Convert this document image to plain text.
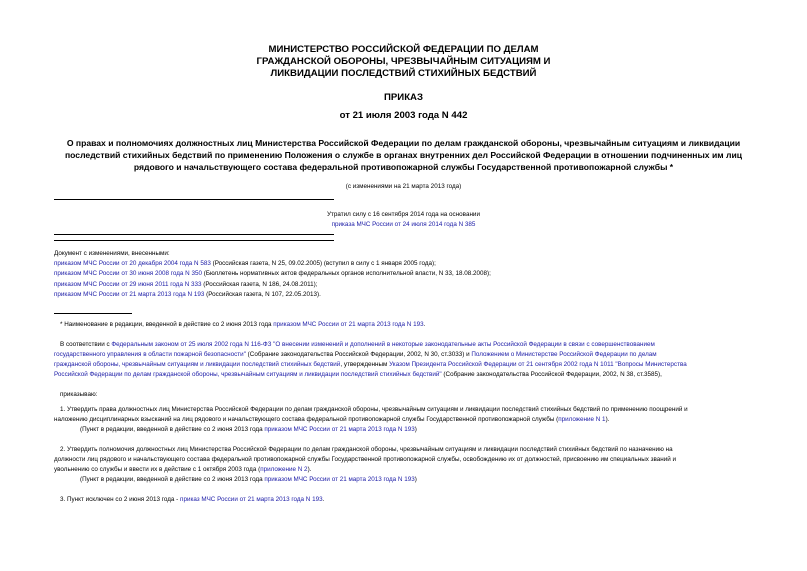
МИНИСТЕРСТВО РОССИЙСКОЙ ФЕДЕРАЦИИ ПО ДЕЛАМ
ГРАЖДАНСКОЙ ОБОРОНЫ, ЧРЕЗВЫЧАЙНЫМ СИТУАЦИЯМ И
ЛИКВИДАЦИИ ПОСЛЕДСТВИЙ СТИХИЙНЫХ БЕДСТВИЙ
ПРИКАЗ
от 21 июля 2003 года N 442
О правах и полномочиях должностных лиц Министерства Российской Федерации по делам гражданской обороны, чрезвычайным ситуациям и ликвидации
последствий стихийных бедствий по применению Положения о службе в органах внутренних дел Российской Федерации в отношении подчиненных им лиц
рядового и начальствующего состава федеральной противопожарной службы Государственной противопожарной службы *
(с изменениями на 21 марта 2013 года)
Утратил силу с 16 сентября 2014 года на основании
приказа МЧС России от 24 июля 2014 года N 385
Документ с изменениями, внесенными:
приказом МЧС России от 20 декабря 2004 года N 583 (Российская газета, N 25, 09.02.2005) (вступил в силу с 1 января 2005 года);
приказом МЧС России от 30 июня 2008 года N 350 (Бюллетень нормативных актов федеральных органов исполнительной власти, N 33, 18.08.2008);
приказом МЧС России от 29 июня 2011 года N 333 (Российская газета, N 186, 24.08.2011);
приказом МЧС России от 21 марта 2013 года N 193 (Российская газета, N 107, 22.05.2013).
* Наименование в редакции, введенной в действие со 2 июня 2013 года приказом МЧС России от 21 марта 2013 года N 193.
В соответствии с Федеральным законом от 25 июля 2002 года N 116-ФЗ "О внесении изменений и дополнений в некоторые законодательные акты Российской Федерации в связи с совершенствованием
государственного управления в области пожарной безопасности" (Собрание законодательства Российской Федерации, 2002, N 30, ст.3033) и Положением о Министерстве Российской Федерации по делам
гражданской обороны, чрезвычайным ситуациям и ликвидации последствий стихийных бедствий, утвержденным Указом Президента Российской Федерации от 21 сентября 2002 года N 1011 "Вопросы Министерства
Российской Федерации по делам гражданской обороны, чрезвычайным ситуациям и ликвидации последствий стихийных бедствий" (Собрание законодательства Российской Федерации, 2002, N 38, ст.3585),
приказываю:
1. Утвердить права должностных лиц Министерства Российской Федерации по делам гражданской обороны, чрезвычайным ситуациям и ликвидации последствий стихийных бедствий по применению поощрений и
наложению дисциплинарных взысканий на лиц рядового и начальствующего состава федеральной противопожарной службы Государственной противопожарной службы (приложение N 1).
(Пункт в редакции, введенной в действие со 2 июня 2013 года приказом МЧС России от 21 марта 2013 года N 193)
2. Утвердить полномочия должностных лиц Министерства Российской Федерации по делам гражданской обороны, чрезвычайным ситуациям и ликвидации последствий стихийных бедствий по назначению на
должности лиц рядового и начальствующего состава федеральной противопожарной службы Государственной противопожарной службы, освобождению их от должностей, присвоению им специальных званий и
увольнению со службы и ввести их в действие с 1 октября 2003 года (приложение N 2).
(Пункт в редакции, введенной в действие со 2 июня 2013 года приказом МЧС России от 21 марта 2013 года N 193)
3. Пункт исключен со 2 июня 2013 года - приказ МЧС России от 21 марта 2013 года N 193.
